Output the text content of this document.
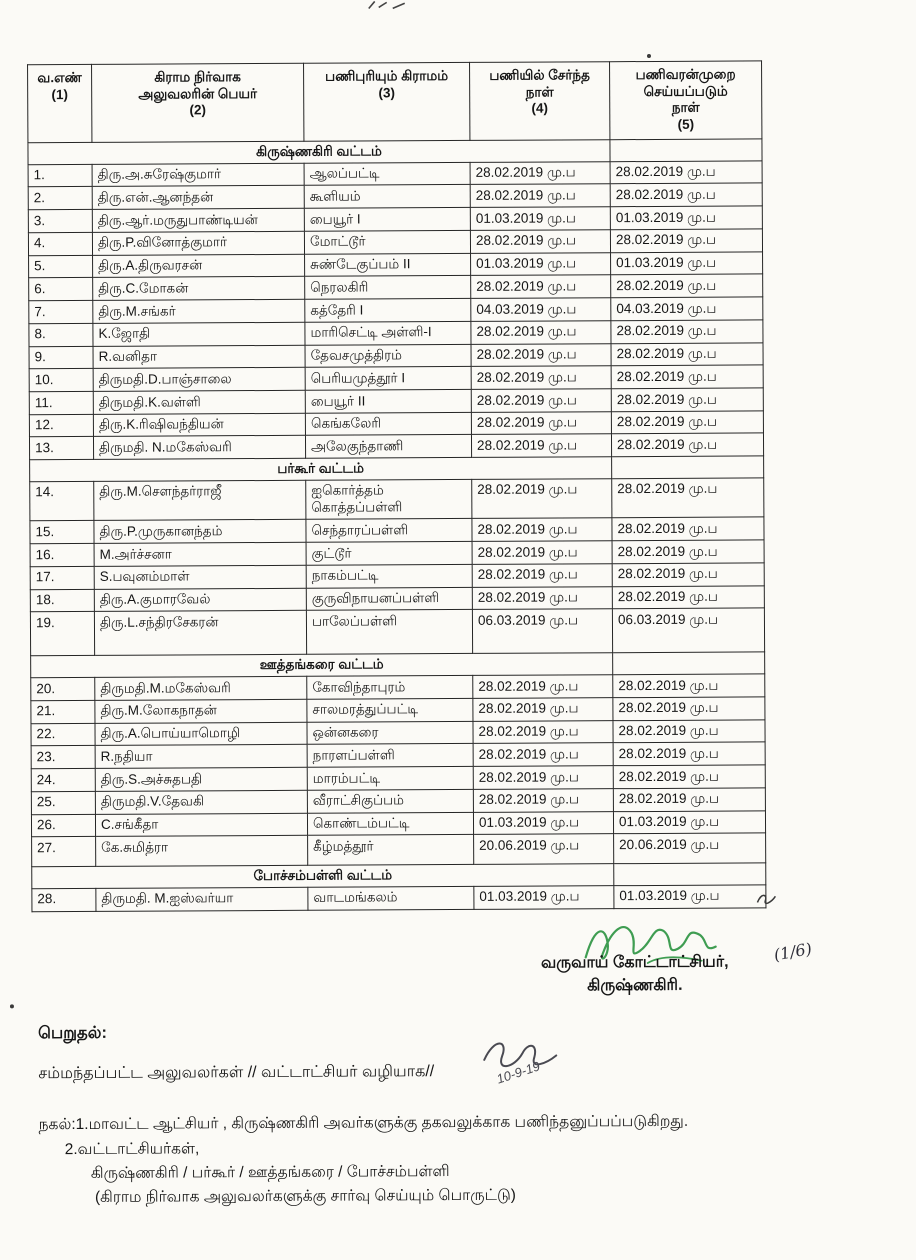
வ.எண்
(1)	கிராம நிர்வாக
அலுவலரின் பெயர்
(2)	பணிபுரியும் கிராமம்
(3)	பணியில் சேர்ந்த
நாள்
(4)	பணிவரன்முறை
செய்யப்படும்
நாள்
(5)
கிருஷ்ணகிரி வட்டம்				
1.	திரு.அ.சுரேஷ்குமார்	ஆலப்பட்டி	28.02.2019 மு.ப	28.02.2019 மு.ப
2.	திரு.என்.ஆனந்தன்	கூளியம்	28.02.2019 மு.ப	28.02.2019 மு.ப
3.	திரு.ஆர்.மருதுபாண்டியன்	பையூர் I	01.03.2019 மு.ப	01.03.2019 மு.ப
4.	திரு.P.வினோத்குமார்	மோட்டூர்	28.02.2019 மு.ப	28.02.2019 மு.ப
5.	திரு.A.திருவரசன்	சுண்டேகுப்பம் II	01.03.2019 மு.ப	01.03.2019 மு.ப
6.	திரு.C.மோகன்	நெரலகிரி	28.02.2019 மு.ப	28.02.2019 மு.ப
7.	திரு.M.சங்கர்	கத்தேரி I	04.03.2019 மு.ப	04.03.2019 மு.ப
8.	K.ஜோதி	மாரிசெட்டி அள்ளி-I	28.02.2019 மு.ப	28.02.2019 மு.ப
9.	R.வனிதா	தேவசமுத்திரம்	28.02.2019 மு.ப	28.02.2019 மு.ப
10.	திருமதி.D.பாஞ்சாலை	பெரியமுத்தூர் I	28.02.2019 மு.ப	28.02.2019 மு.ப
11.	திருமதி.K.வள்ளி	பையூர் II	28.02.2019 மு.ப	28.02.2019 மு.ப
12.	திரு.K.ரிஷிவந்தியன்	கெங்கலேரி	28.02.2019 மு.ப	28.02.2019 மு.ப
13.	திருமதி. N.மகேஸ்வரி	அலேகுந்தாணி	28.02.2019 மு.ப	28.02.2019 மு.ப
பர்கூர் வட்டம்				
14.	திரு.M.சௌந்தர்ராஜீ	ஐகொர்த்தம்
கொத்தப்பள்ளி	28.02.2019 மு.ப	28.02.2019 மு.ப
15.	திரு.P.முருகானந்தம்	செந்தாரப்பள்ளி	28.02.2019 மு.ப	28.02.2019 மு.ப
16.	M.அர்ச்சனா	குட்டூர்	28.02.2019 மு.ப	28.02.2019 மு.ப
17.	S.பவுனம்மாள்	நாகம்பட்டி	28.02.2019 மு.ப	28.02.2019 மு.ப
18.	திரு.A.குமாரவேல்	குருவிநாயனப்பள்ளி	28.02.2019 மு.ப	28.02.2019 மு.ப
19.	திரு.L.சந்திரசேகரன்	பாலேப்பள்ளி	06.03.2019 மு.ப	06.03.2019 மு.ப
ஊத்தங்கரை வட்டம்				
20.	திருமதி.M.மகேஸ்வரி	கோவிந்தாபுரம்	28.02.2019 மு.ப	28.02.2019 மு.ப
21.	திரு.M.லோகநாதன்	சாலமரத்துப்பட்டி	28.02.2019 மு.ப	28.02.2019 மு.ப
22.	திரு.A.பொய்யாமொழி	ஒன்னகரை	28.02.2019 மு.ப	28.02.2019 மு.ப
23.	R.நதியா	நாரளப்பள்ளி	28.02.2019 மு.ப	28.02.2019 மு.ப
24.	திரு.S.அச்சுதபதி	மாரம்பட்டி	28.02.2019 மு.ப	28.02.2019 மு.ப
25.	திருமதி.V.தேவகி	வீராட்சிகுப்பம்	28.02.2019 மு.ப	28.02.2019 மு.ப
26.	C.சங்கீதா	கொண்டம்பட்டி	01.03.2019 மு.ப	01.03.2019 மு.ப
27.	கே.சுமித்ரா	கீழ்மத்தூர்	20.06.2019 மு.ப	20.06.2019 மு.ப
போச்சம்பள்ளி வட்டம்				
28.	திருமதி. M.ஐஸ்வர்யா	வாடமங்கலம்	01.03.2019 மு.ப	01.03.2019 மு.ப
வருவாய் கோட்டாட்சியர்,	(1/6)
கிருஷ்ணகிரி.
பெறுதல்:
சம்மந்தப்பட்ட அலுவலர்கள் // வட்டாட்சியர் வழியாக//	10-9-19
நகல்:1.மாவட்ட ஆட்சியர் , கிருஷ்ணகிரி அவர்களுக்கு தகவலுக்காக பணிந்தனுப்பப்படுகிறது.
2.வட்டாட்சியர்கள்,
கிருஷ்ணகிரி / பர்கூர் / ஊத்தங்கரை / போச்சம்பள்ளி
(கிராம நிர்வாக அலுவலர்களுக்கு சார்வு செய்யும் பொருட்டு)
